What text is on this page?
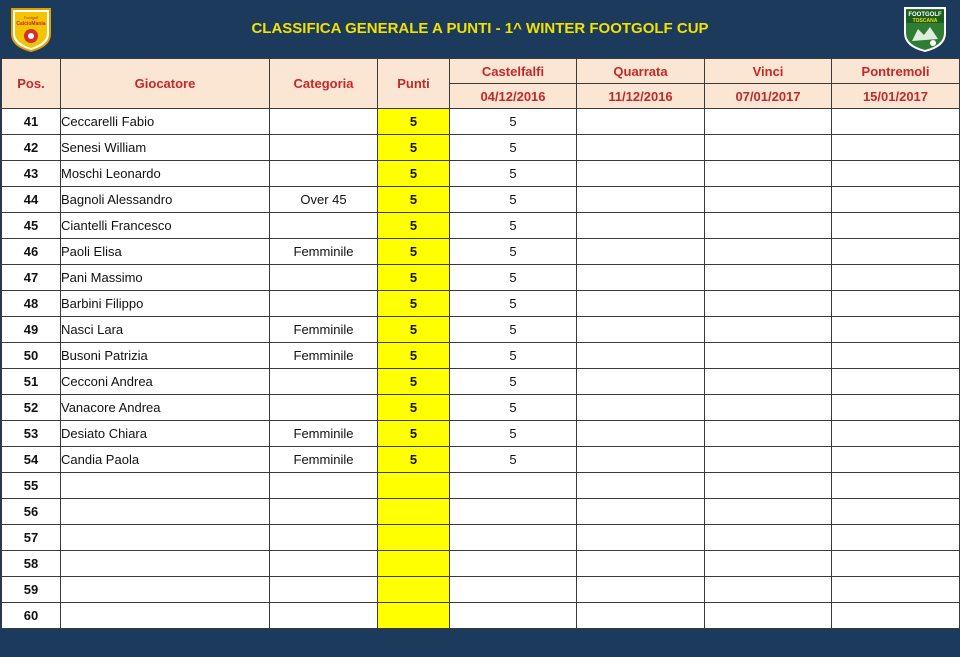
Footgolf
CalcioMania	CLASSIFICA GENERALE A PUNTI - 1^ WINTER FOOTGOLF CUP
FOOTGOLF
TOSCANA
Pos.	Giocatore	Categoria	Punti	Castelfalfi	Quarrata	Vinci	Pontremoli
				04/12/2016	11/12/2016	07/01/2017	15/01/2017
41	Ceccarelli Fabio		5	5			
42	Senesi William		5	5			
43	Moschi Leonardo		5	5			
44	Bagnoli Alessandro	Over 45	5	5			
45	Ciantelli Francesco		5	5			
46	Paoli Elisa	Femminile	5	5			
47	Pani Massimo		5	5			
48	Barbini Filippo		5	5			
49	Nasci Lara	Femminile	5	5			
50	Busoni Patrizia	Femminile	5	5			
51	Cecconi Andrea		5	5			
52	Vanacore Andrea		5	5			
53	Desiato Chiara	Femminile	5	5			
54	Candia Paola	Femminile	5	5			
55							
56							
57							
58							
59							
60							
